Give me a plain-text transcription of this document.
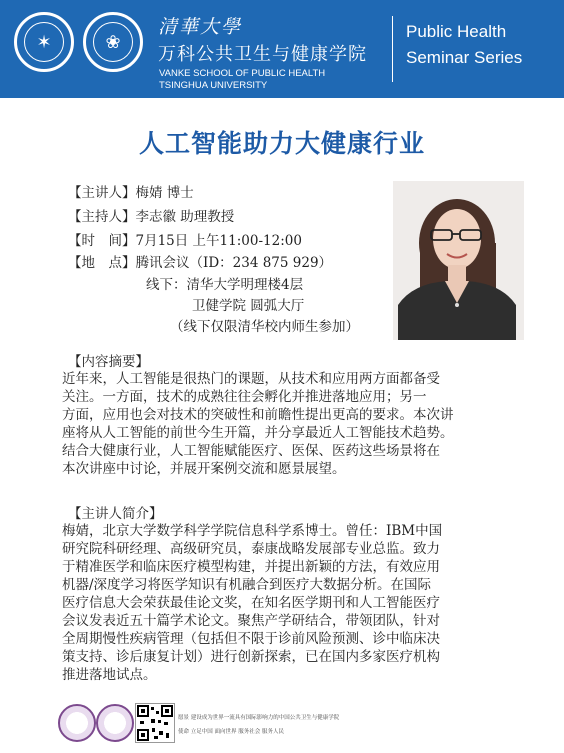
✶	❀
清華大學
万科公共卫生与健康学院
VANKE SCHOOL OF PUBLIC HEALTH
TSINGHUA UNIVERSITY
Public Health
Seminar Series
人工智能助力大健康行业
【主讲人】梅婧 博士
【主持人】李志徽 助理教授
【时　间】7月15日 上午11:00-12:00
【地　点】腾讯会议（ID：234 875 929）
线下：清华大学明理楼4层
卫健学院 圆弧大厅
（线下仅限清华校内师生参加）
【内容摘要】
近年来，人工智能是很热门的课题，从技术和应用两方面都备受
关注。一方面，技术的成熟往往会孵化并推进落地应用；另一
方面，应用也会对技术的突破性和前瞻性提出更高的要求。本次讲
座将从人工智能的前世今生开篇，并分享最近人工智能技术趋势。
结合大健康行业，人工智能赋能医疗、医保、医药这些场景将在
本次讲座中讨论，并展开案例交流和愿景展望。
【主讲人简介】
梅婧，北京大学数学科学学院信息科学系博士。曾任：IBM中国
研究院科研经理、高级研究员，泰康战略发展部专业总监。致力
于精准医学和临床医疗模型构建，并提出新颖的方法，有效应用
机器/深度学习将医学知识有机融合到医疗大数据分析。在国际
医疗信息大会荣获最佳论文奖，在知名医学期刊和人工智能医疗
会议发表近五十篇学术论文。聚焦产学研结合，带领团队，针对
全周期慢性疾病管理（包括但不限于诊前风险预测、诊中临床决
策支持、诊后康复计划）进行创新探索，已在国内多家医疗机构
推进落地试点。
愿景 建设成为世界一流具有国际影响力的中国公共卫生与健康学院
使命 立足中国 面向世界 服务社会 服务人民
